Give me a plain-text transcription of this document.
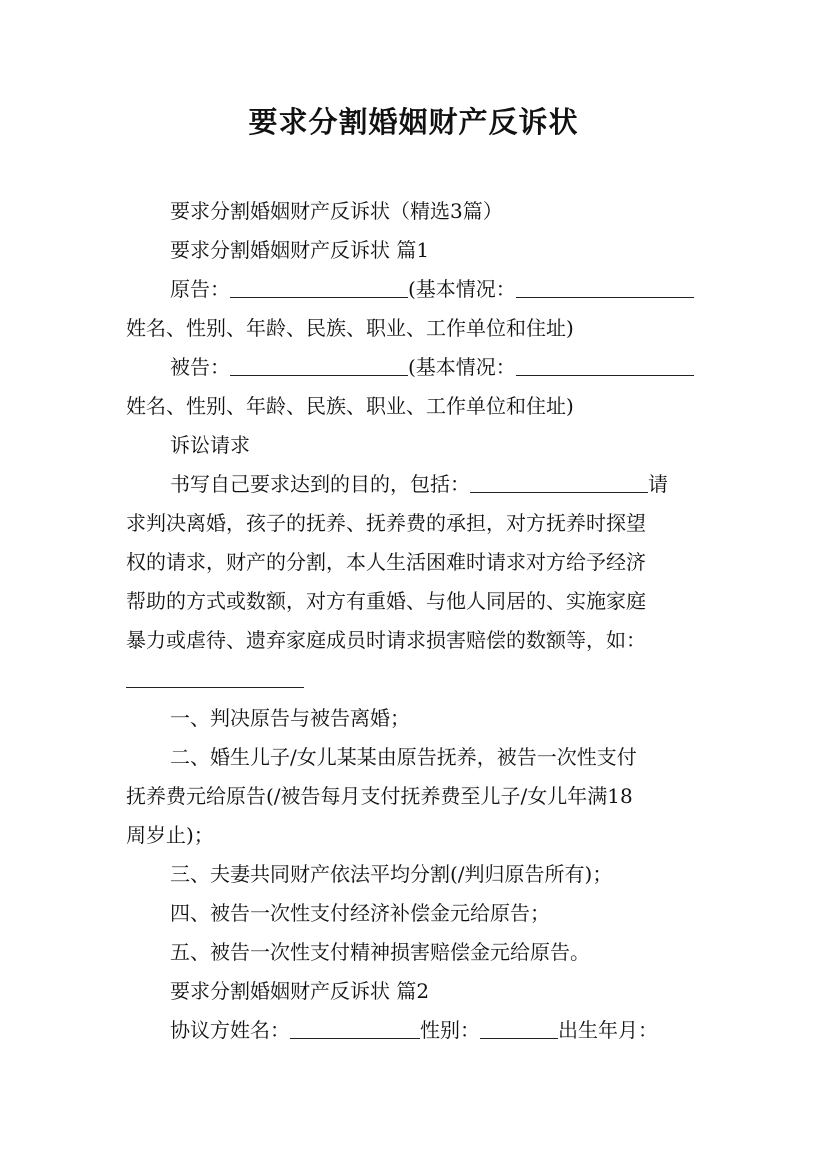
要求分割婚姻财产反诉状
要求分割婚姻财产反诉状（精选3篇）
要求分割婚姻财产反诉状 篇1
原告：	(基本情况：
姓名、性别、年龄、民族、职业、工作单位和住址)
被告：	(基本情况：
姓名、性别、年龄、民族、职业、工作单位和住址)
诉讼请求
书写自己要求达到的目的，包括：	请
求判决离婚，孩子的抚养、抚养费的承担，对方抚养时探望
权的请求，财产的分割，本人生活困难时请求对方给予经济
帮助的方式或数额，对方有重婚、与他人同居的、实施家庭
暴力或虐待、遗弃家庭成员时请求损害赔偿的数额等，如：
一、判决原告与被告离婚；
二、婚生儿子/女儿某某由原告抚养，被告一次性支付
抚养费元给原告(/被告每月支付抚养费至儿子/女儿年满18
周岁止)；
三、夫妻共同财产依法平均分割(/判归原告所有)；
四、被告一次性支付经济补偿金元给原告；
五、被告一次性支付精神损害赔偿金元给原告。
要求分割婚姻财产反诉状 篇2
协议方姓名：	性别：	出生年月：
